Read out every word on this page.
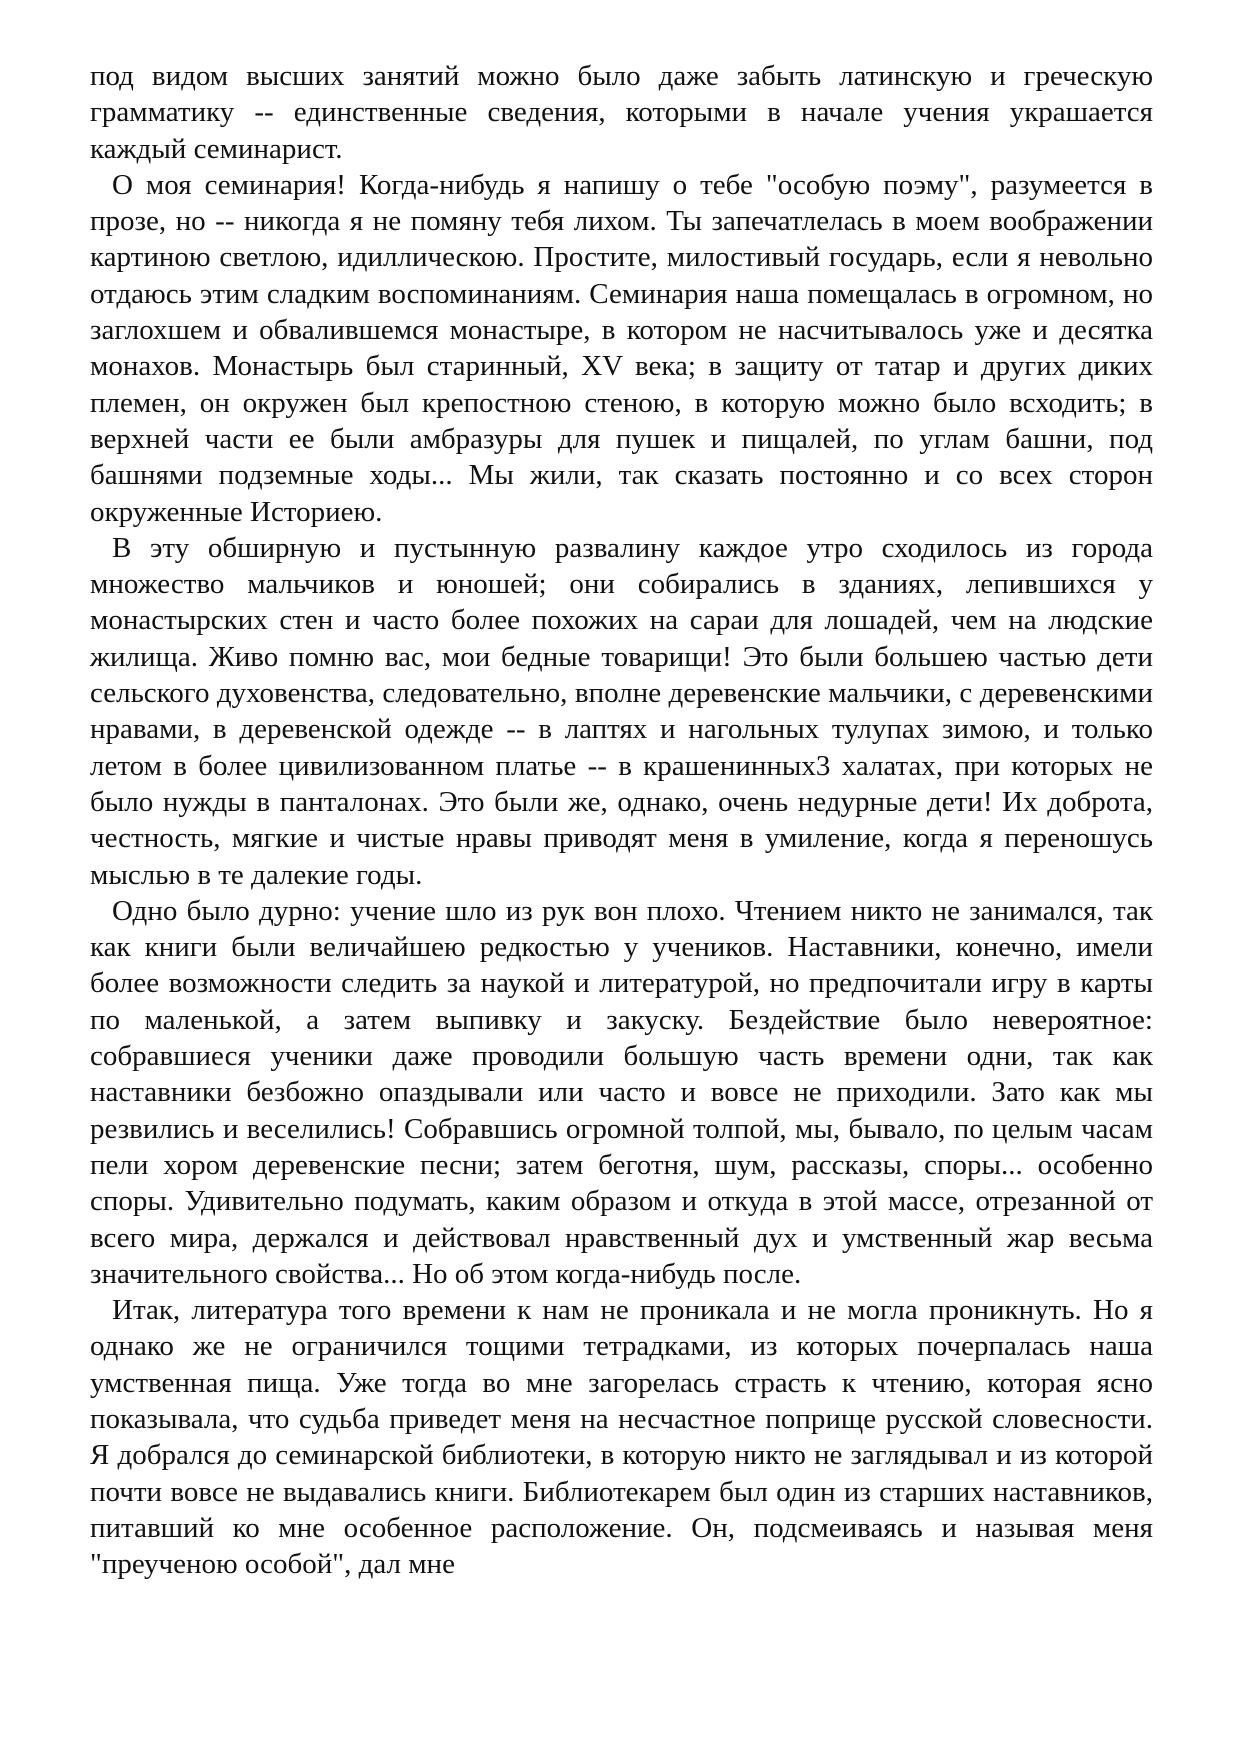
под видом высших занятий можно было даже забыть латинскую и греческую грамматику -- единственные сведения, которыми в начале учения украшается каждый семинарист.

О моя семинария! Когда-нибудь я напишу о тебе "особую поэму", разумеется в прозе, но -- никогда я не помяну тебя лихом. Ты запечатлелась в моем воображении картиною светлою, идиллическою. Простите, милостивый государь, если я невольно отдаюсь этим сладким воспоминаниям. Семинария наша помещалась в огромном, но заглохшем и обвалившемся монастыре, в котором не насчитывалось уже и десятка монахов. Монастырь был старинный, XV века; в защиту от татар и других диких племен, он окружен был крепостною стеною, в которую можно было всходить; в верхней части ее были амбразуры для пушек и пищалей, по углам башни, под башнями подземные ходы... Мы жили, так сказать постоянно и со всех сторон окруженные Историею.

В эту обширную и пустынную развалину каждое утро сходилось из города множество мальчиков и юношей; они собирались в зданиях, лепившихся у монастырских стен и часто более похожих на сараи для лошадей, чем на людские жилища. Живо помню вас, мои бедные товарищи! Это были большею частью дети сельского духовенства, следовательно, вполне деревенские мальчики, с деревенскими нравами, в деревенской одежде -- в лаптях и нагольных тулупах зимою, и только летом в более цивилизованном платье -- в крашенинных3 халатах, при которых не было нужды в панталонах. Это были же, однако, очень недурные дети! Их доброта, честность, мягкие и чистые нравы приводят меня в умиление, когда я переношусь мыслью в те далекие годы.

Одно было дурно: учение шло из рук вон плохо. Чтением никто не занимался, так как книги были величайшею редкостью у учеников. Наставники, конечно, имели более возможности следить за наукой и литературой, но предпочитали игру в карты по маленькой, а затем выпивку и закуску. Бездействие было невероятное: собравшиеся ученики даже проводили большую часть времени одни, так как наставники безбожно опаздывали или часто и вовсе не приходили. Зато как мы резвились и веселились! Собравшись огромной толпой, мы, бывало, по целым часам пели хором деревенские песни; затем беготня, шум, рассказы, споры... особенно споры. Удивительно подумать, каким образом и откуда в этой массе, отрезанной от всего мира, держался и действовал нравственный дух и умственный жар весьма значительного свойства... Но об этом когда-нибудь после.

Итак, литература того времени к нам не проникала и не могла проникнуть. Но я однако же не ограничился тощими тетрадками, из которых почерпалась наша умственная пища. Уже тогда во мне загорелась страсть к чтению, которая ясно показывала, что судьба приведет меня на несчастное поприще русской словесности. Я добрался до семинарской библиотеки, в которую никто не заглядывал и из которой почти вовсе не выдавались книги. Библиотекарем был один из старших наставников, питавший ко мне особенное расположение. Он, подсмеиваясь и называя меня "преученою особой", дал мне
